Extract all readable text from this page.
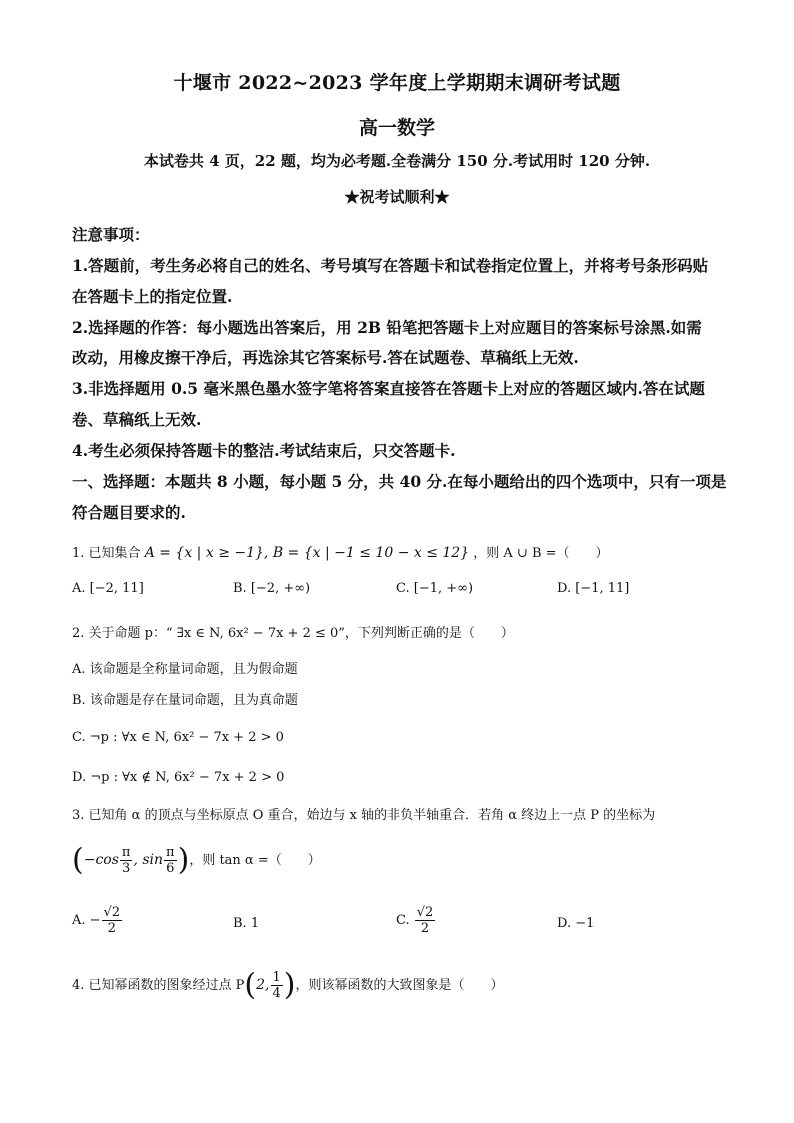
十堰市 2022~2023 学年度上学期期末调研考试题
高一数学
本试卷共 4 页，22 题，均为必考题.全卷满分 150 分.考试用时 120 分钟.
★祝考试顺利★
注意事项：
1.答题前，考生务必将自己的姓名、考号填写在答题卡和试卷指定位置上，并将考号条形码贴
在答题卡上的指定位置.
2.选择题的作答：每小题选出答案后，用 2B 铅笔把答题卡上对应题目的答案标号涂黑.如需
改动，用橡皮擦干净后，再选涂其它答案标号.答在试题卷、草稿纸上无效.
3.非选择题用 0.5 毫米黑色墨水签字笔将答案直接答在答题卡上对应的答题区域内.答在试题
卷、草稿纸上无效.
4.考生必须保持答题卡的整洁.考试结束后，只交答题卡.
一、选择题：本题共 8 小题，每小题 5 分，共 40 分.在每小题给出的四个选项中，只有一项是
符合题目要求的.
1. 已知集合 A = {x | x ≥ −1}, B = {x | −1 ≤ 10 − x ≤ 12} ，则 A ∪ B =（　　）
A. [−2, 11]	B. [−2, +∞)	C. [−1, +∞)	D. [−1, 11]
2. 关于命题 p：“ ∃x ∈ N, 6x² − 7x + 2 ≤ 0”，下列判断正确的是（　　）
A. 该命题是全称量词命题，且为假命题
B. 该命题是存在量词命题，且为真命题
C. ¬p : ∀x ∈ N, 6x² − 7x + 2 > 0
D. ¬p : ∀x ∉ N, 6x² − 7x + 2 > 0
3. 已知角 α 的顶点与坐标原点 O 重合，始边与 x 轴的非负半轴重合．若角 α 终边上一点 P 的坐标为
($-\cos \frac{\pi}{3}$ , $\sin \frac{\pi}{6}$ )，则 tan α =（　　）
A. − $\frac{√2}{2}$	B. 1	C. $\frac{√2}{2}$	D. −1
4. 已知幂函数的图象经过点 P(2, $\frac{1}{4}$ )，则该幂函数的大致图象是（　　）
